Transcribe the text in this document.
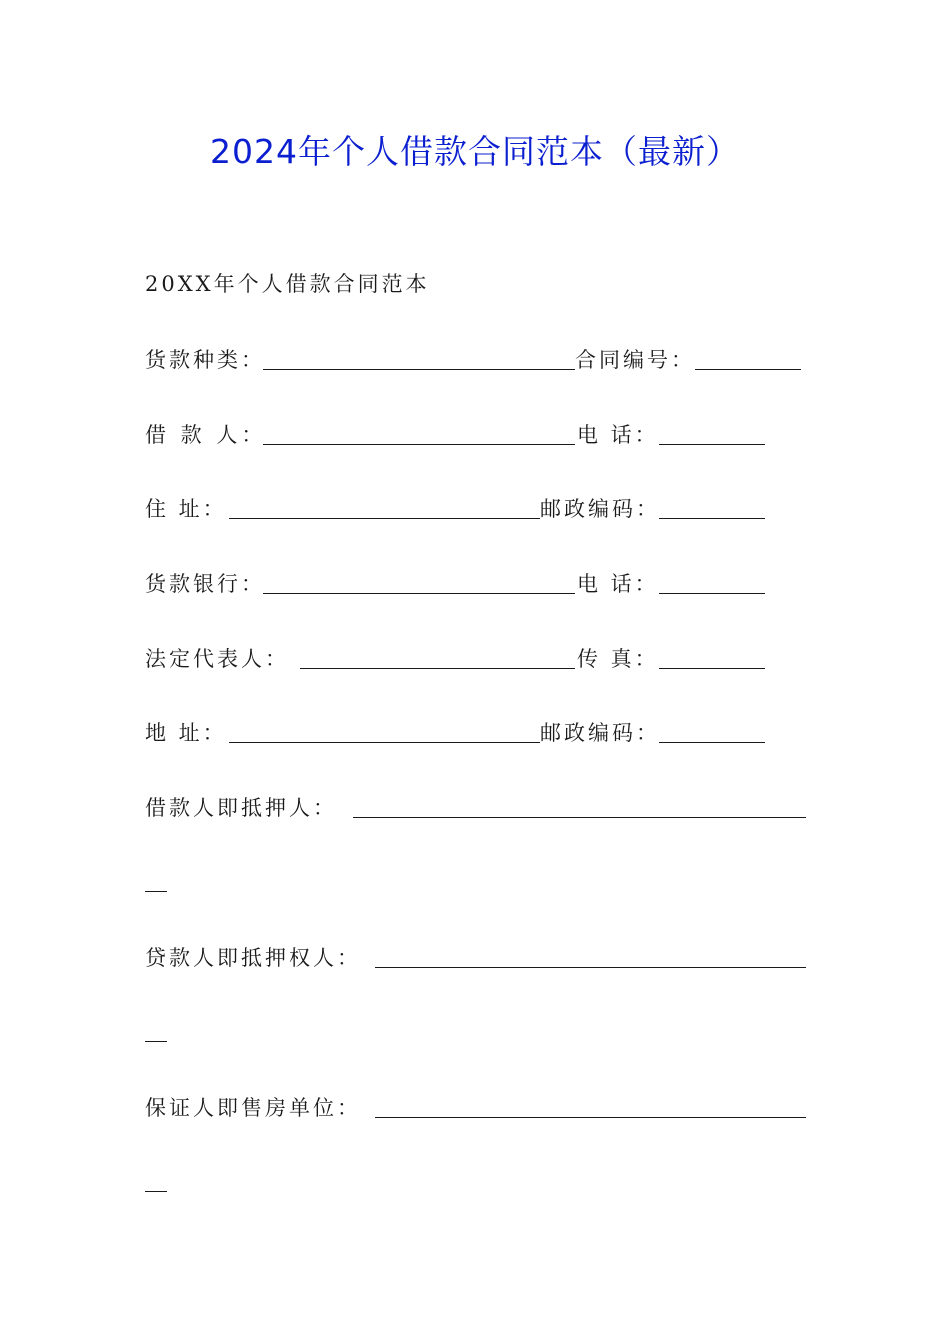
2024年个人借款合同范本（最新）
20XX年个人借款合同范本
货款种类：	合同编号：
借 款 人：	电 话：
住 址：	邮政编码：
货款银行：	电 话：
法定代表人：	传 真：
地 址：	邮政编码：
借款人即抵押人：
贷款人即抵押权人：
保证人即售房单位：
